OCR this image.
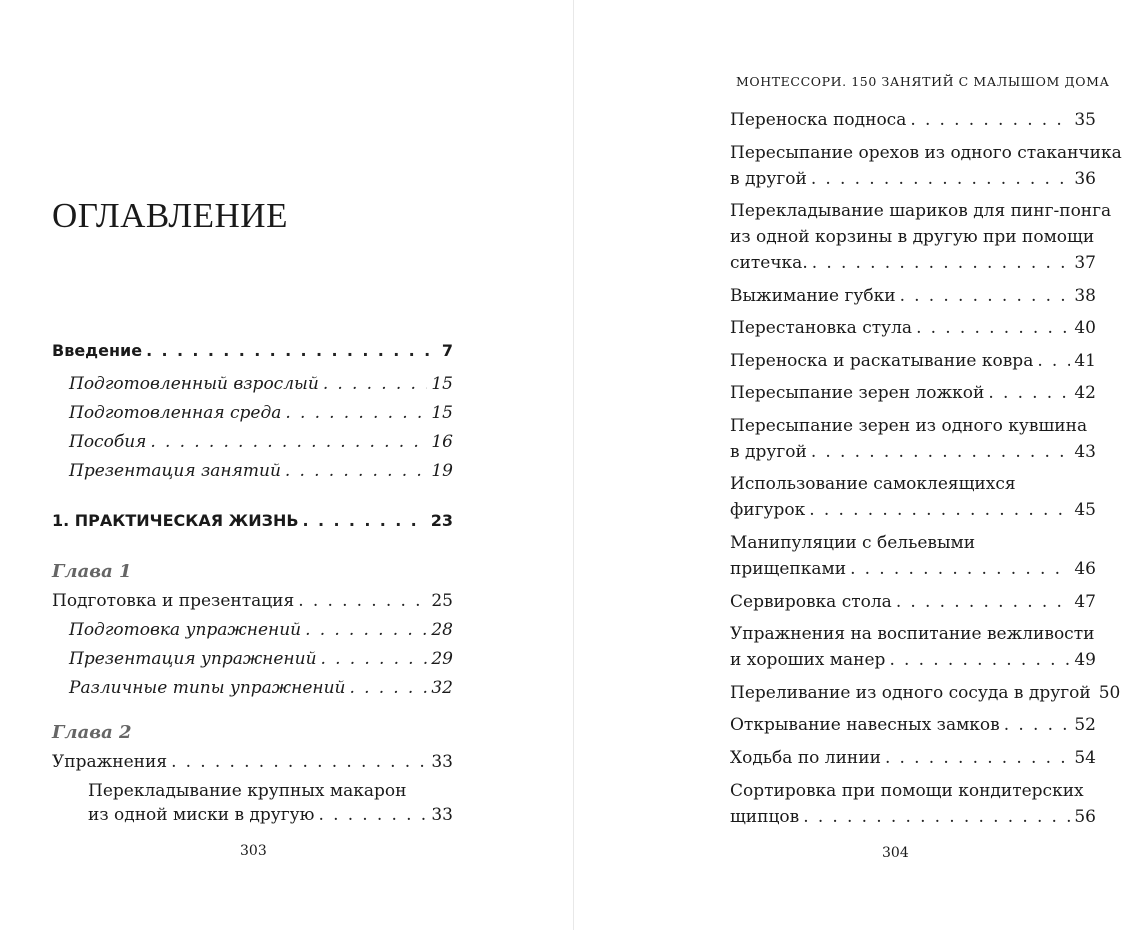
ОГЛАВЛЕНИЕ
Введение . . .	7
Подготовленный взрослый . . .	15
Подготовленная среда . . .	15
Пособия . . .	16
Презентация занятий . . .	19
1. ПРАКТИЧЕСКАЯ ЖИЗНЬ . . .	23
Глава 1
Подготовка и презентация . . .	25
Подготовка упражнений . . .	28
Презентация упражнений . . .	29
Различные типы упражнений . . .	32
Глава 2
Упражнения . . .	33
Перекладывание крупных макарон
из одной миски в другую . . .	33
303
МОНТЕССОРИ. 150 ЗАНЯТИЙ С МАЛЫШОМ ДОМА
Переноска подноса . . .	35
Пересыпание орехов из одного стаканчика
в другой . . .	36
Перекладывание шариков для пинг-понга
из одной корзины в другую при помощи
ситечка. . . .	37
Выжимание губки . . .	38
Перестановка стула . . .	40
Переноска и раскатывание ковра . . . 41
Пересыпание зерен ложкой . . .	42
Пересыпание зерен из одного кувшина
в другой . . .	43
Использование самоклеящихся
фигурок . . .	45
Манипуляции с бельевыми
прищепками . . .	46
Сервировка стола . . .	47
Упражнения на воспитание вежливости
и хороших манер . . .	49
Переливание из одного сосуда в другой 50
Открывание навесных замков . . .	52
Ходьба по линии . . .	54
Сортировка при помощи кондитерских
щипцов . . .	56
304
